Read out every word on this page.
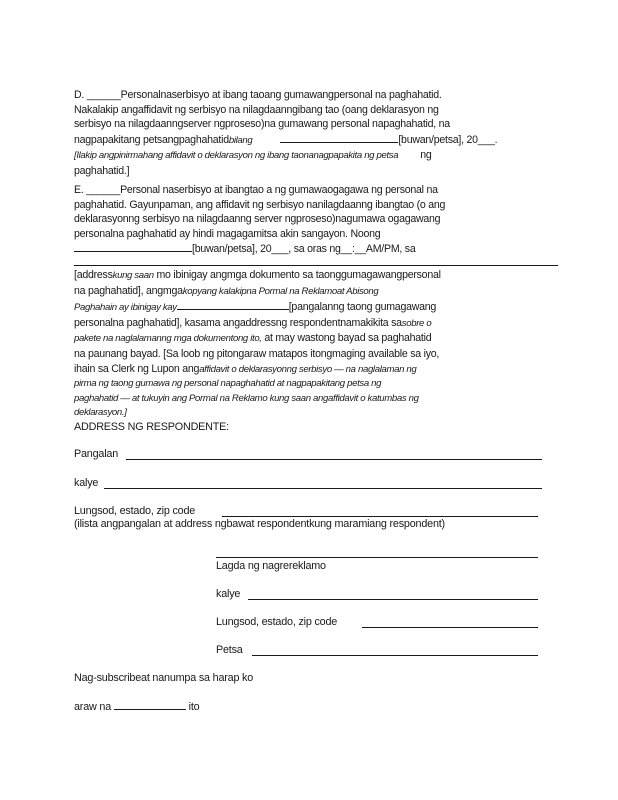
D. ______Personalnaserbisyo at ibang taoang gumawangpersonal na paghahatid.

Nakalakip angaffidavit ng serbisyo na nilagdaanngibang tao (oang deklarasyon ng

serbisyo na nilagdaanngserver ngproseso)na gumawang personal napaghahatid, na

nagpapakitang petsangpaghahatidbilang	[buwan/petsa], 20___.

[Ilakip angpinirmahang affidavit o deklarasyon ng ibang taonanagpapakita ng petsa ng

paghahatid.]

E. ______Personal naserbisyo at ibangtao a ng gumawaogagawa ng personal na

paghahatid. Gayunpaman, ang affidavit ng serbisyo nanilagdaanng ibangtao (o ang

deklarasyonng serbisyo na nilagdaanng server ngproseso)nagumawa ogagawang

personalna paghahatid ay hindi magagamitsa akin sangayon. Noong

[buwan/petsa], 20___, sa oras ng__:__AM/PM, sa

[addresskung saan mo ibinigay angmga dokumento sa taonggumagawangpersonal

na paghahatid], angmgakopyang kalakipna Pormal na Reklamoat Abisong

Paghahain ay ibinigay kay	[pangalanng taong gumagawang

personalna paghahatid], kasama angaddressng respondentnamakikita sasobre o

pakete na naglalamanng mga dokumentong ito, at may wastong bayad sa paghahatid

na paunang bayad. [Sa loob ng pitongaraw matapos itongmaging available sa iyo,

ihain sa Clerk ng Lupon angaffidavit o deklarasyonng serbisyo — na naglalaman ng

pirma ng taong gumawa ng personal napaghahatid at nagpapakitang petsa ng

paghahatid — at tukuyin ang Pormal na Reklamo kung saan angaffidavit o katumbas ng

deklarasyon.]

ADDRESS NG RESPONDENTE:
Pangalan
kalye
Lungsod, estado, zip code
(ilista angpangalan at address ngbawat respondentkung maramiang respondent)
Lagda ng nagrereklamo
kalye
Lungsod, estado, zip code
Petsa
Nag-subscribeat nanumpa sa harap ko
araw na	ito
